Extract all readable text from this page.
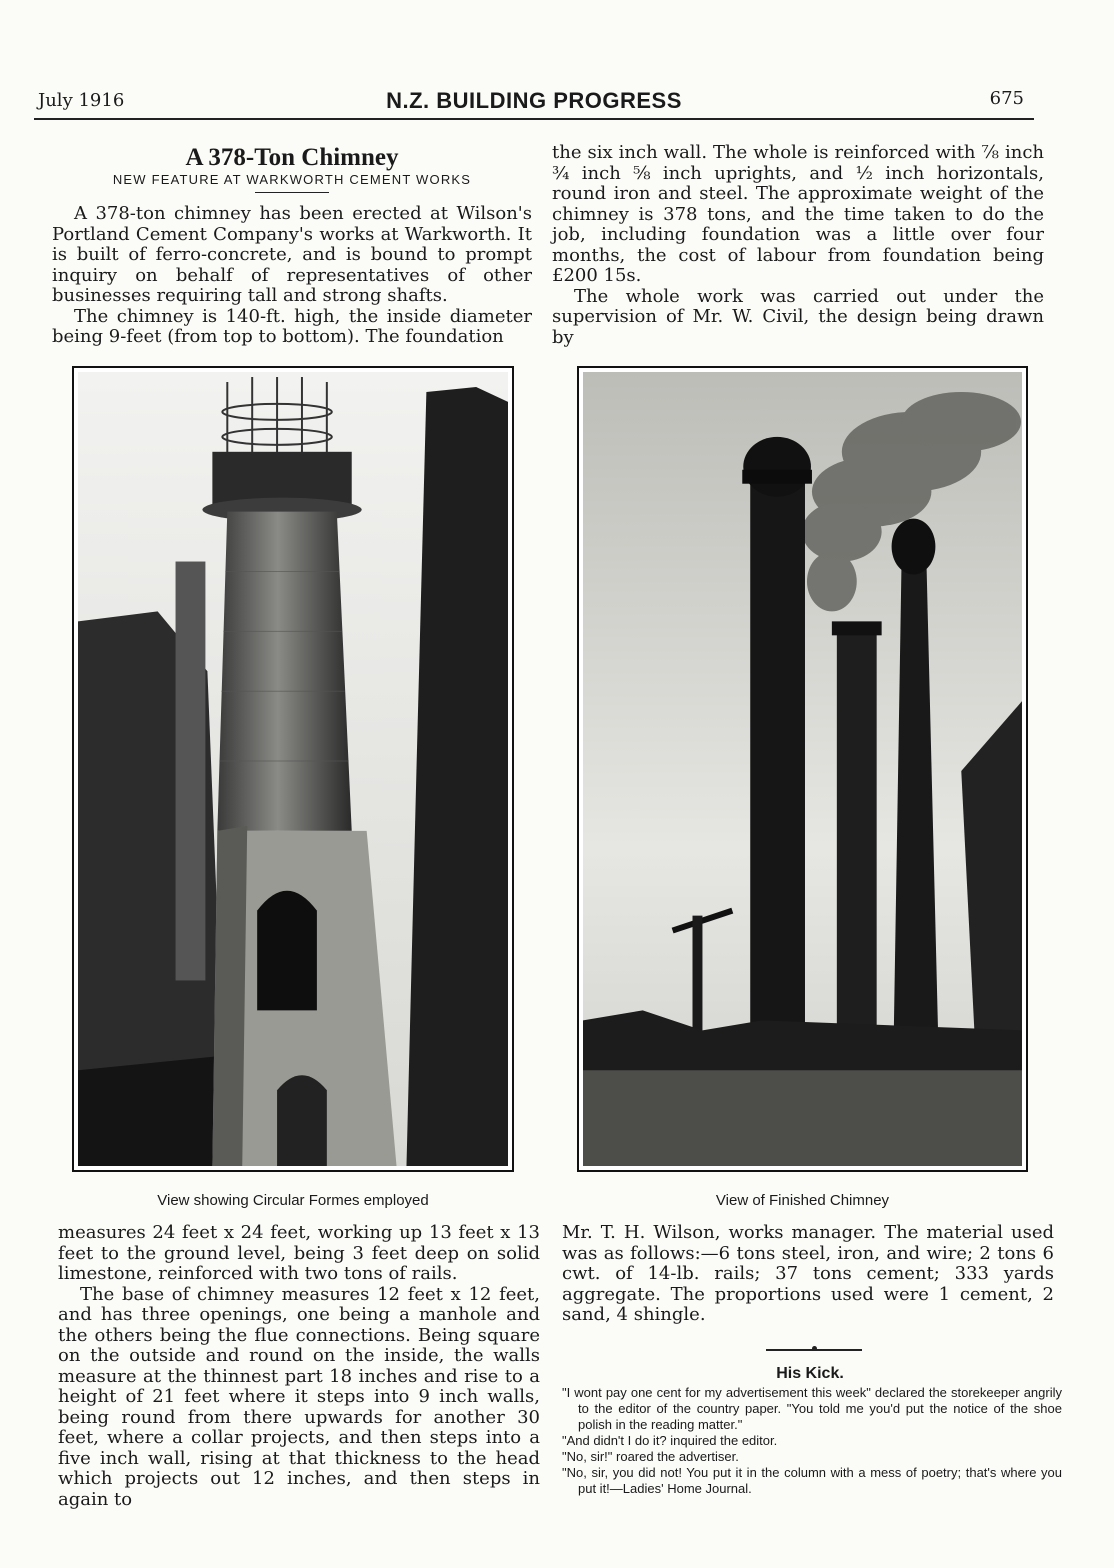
July 1916	N.Z. BUILDING PROGRESS	675
A 378-Ton Chimney
NEW FEATURE AT WARKWORTH CEMENT WORKS

A 378-ton chimney has been erected at Wilson's Portland Cement Company's works at Warkworth. It is built of ferro-concrete, and is bound to prompt inquiry on behalf of representatives of other businesses requiring tall and strong shafts.

The chimney is 140-ft. high, the inside diameter being 9-feet (from top to bottom). The foundation

the six inch wall. The whole is reinforced with ⅞ inch ¾ inch ⅝ inch uprights, and ½ inch horizontals, round iron and steel. The approximate weight of the chimney is 378 tons, and the time taken to do the job, including foundation was a little over four months, the cost of labour from foundation being £200 15s.

The whole work was carried out under the supervision of Mr. W. Civil, the design being drawn by

View showing Circular Formes employed	View of Finished Chimney

measures 24 feet x 24 feet, working up 13 feet x 13 feet to the ground level, being 3 feet deep on solid limestone, reinforced with two tons of rails.

The base of chimney measures 12 feet x 12 feet, and has three openings, one being a manhole and the others being the flue connections. Being square on the outside and round on the inside, the walls measure at the thinnest part 18 inches and rise to a height of 21 feet where it steps into 9 inch walls, being round from there upwards for another 30 feet, where a collar projects, and then steps into a five inch wall, rising at that thickness to the head which projects out 12 inches, and then steps in again to

Mr. T. H. Wilson, works manager. The material used was as follows:—6 tons steel, iron, and wire; 2 tons 6 cwt. of 14-lb. rails; 37 tons cement; 333 yards aggregate. The proportions used were 1 cement, 2 sand, 4 shingle.

His Kick.

"I wont pay one cent for my advertisement this week" declared the storekeeper angrily to the editor of the country paper. "You told me you'd put the notice of the shoe polish in the reading matter."

"And didn't I do it? inquired the editor.

"No, sir!" roared the advertiser.

"No, sir, you did not! You put it in the column with a mess of poetry; that's where you put it!—Ladies' Home Journal.
